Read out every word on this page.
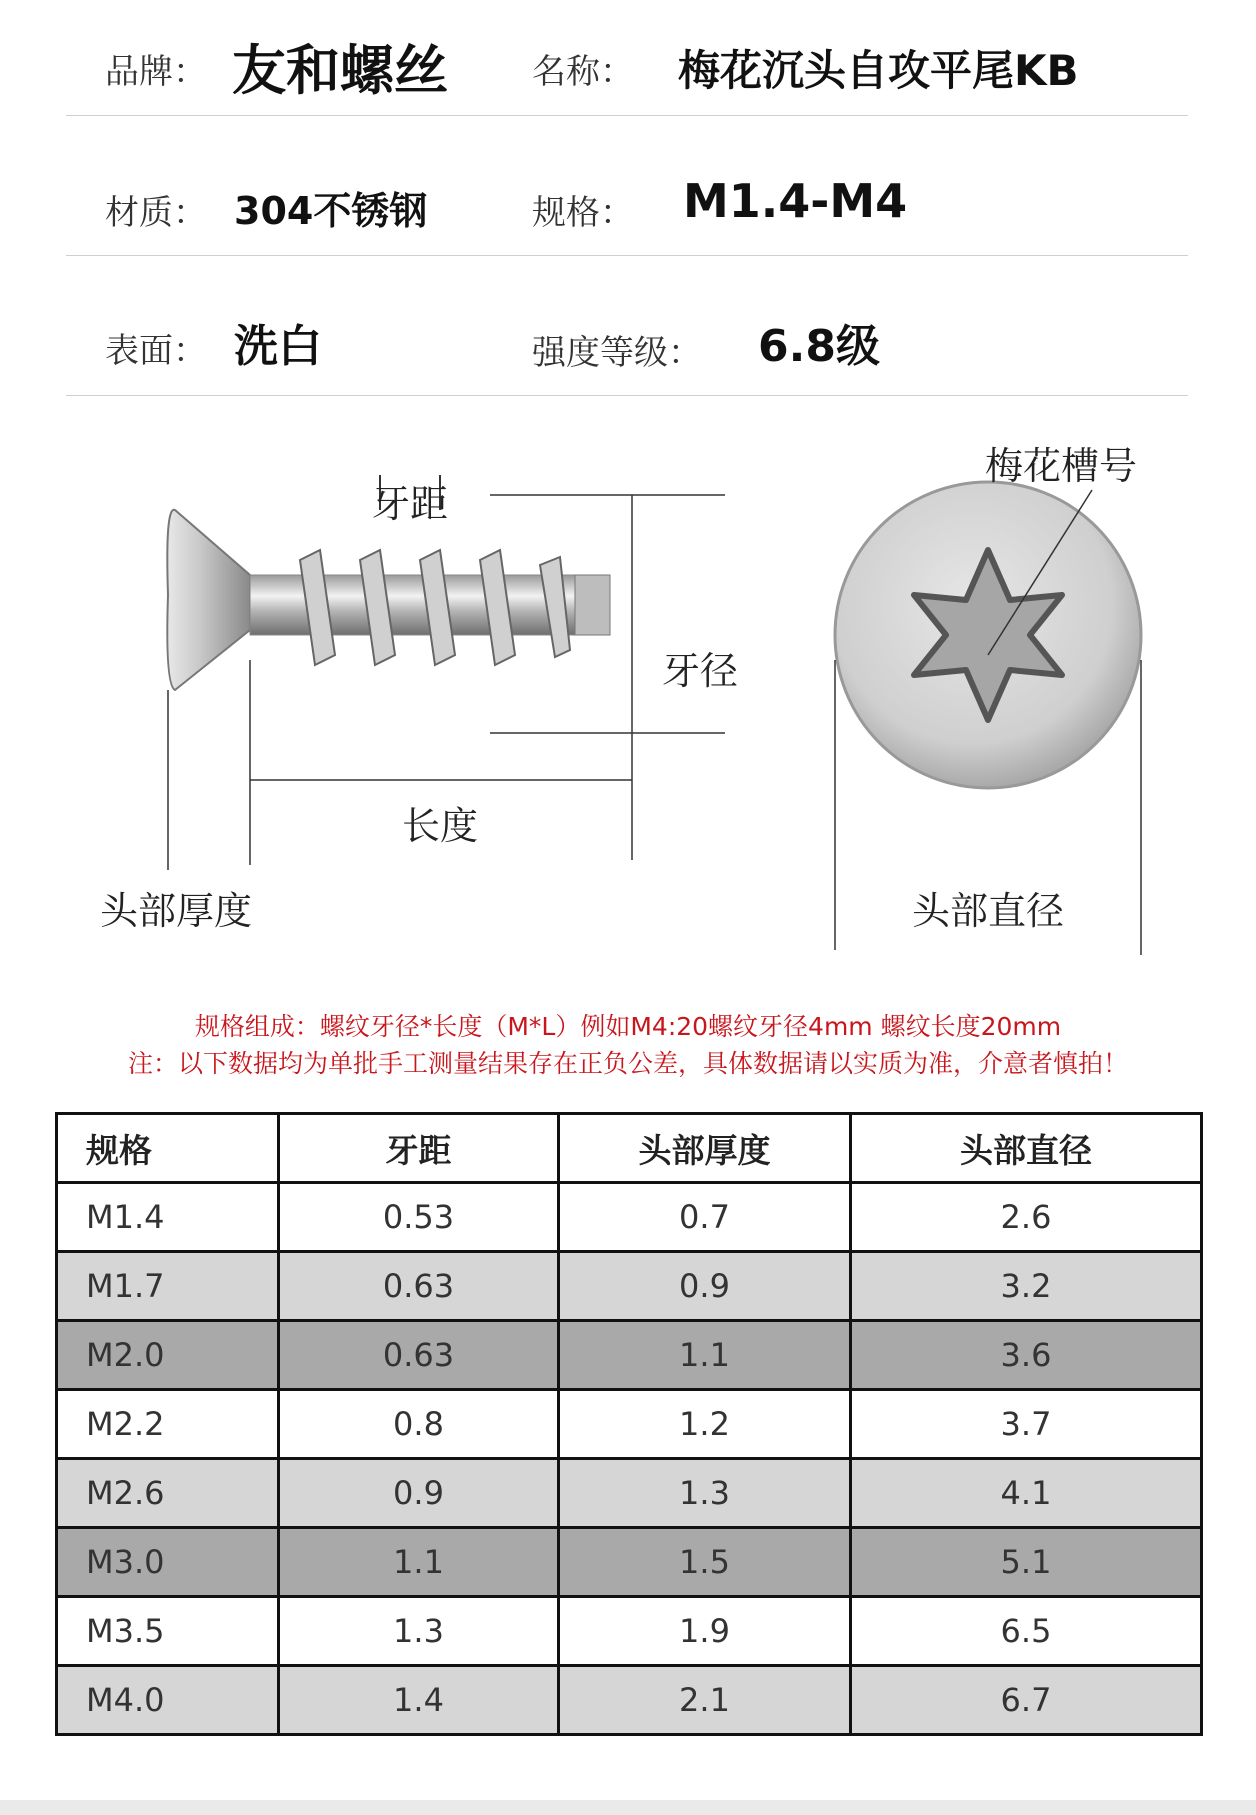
品牌： 友和螺丝 名称： 梅花沉头自攻平尾KB
材质： 304不锈钢	规格： M1.4-M4
表面： 洗白	强度等级： 6.8级
牙距
牙径
长度
头部厚度
梅花槽号
头部直径
规格组成：螺纹牙径*长度（M*L）例如M4:20螺纹牙径4mm 螺纹长度20mm
注：以下数据均为单批手工测量结果存在正负公差，具体数据请以实质为准，介意者慎拍！
规格	牙距	头部厚度	头部直径
M1.4	0.53	0.7	2.6
M1.7	0.63	0.9	3.2
M2.0	0.63	1.1	3.6
M2.2	0.8	1.2	3.7
M2.6	0.9	1.3	4.1
M3.0	1.1	1.5	5.1
M3.5	1.3	1.9	6.5
M4.0	1.4	2.1	6.7
